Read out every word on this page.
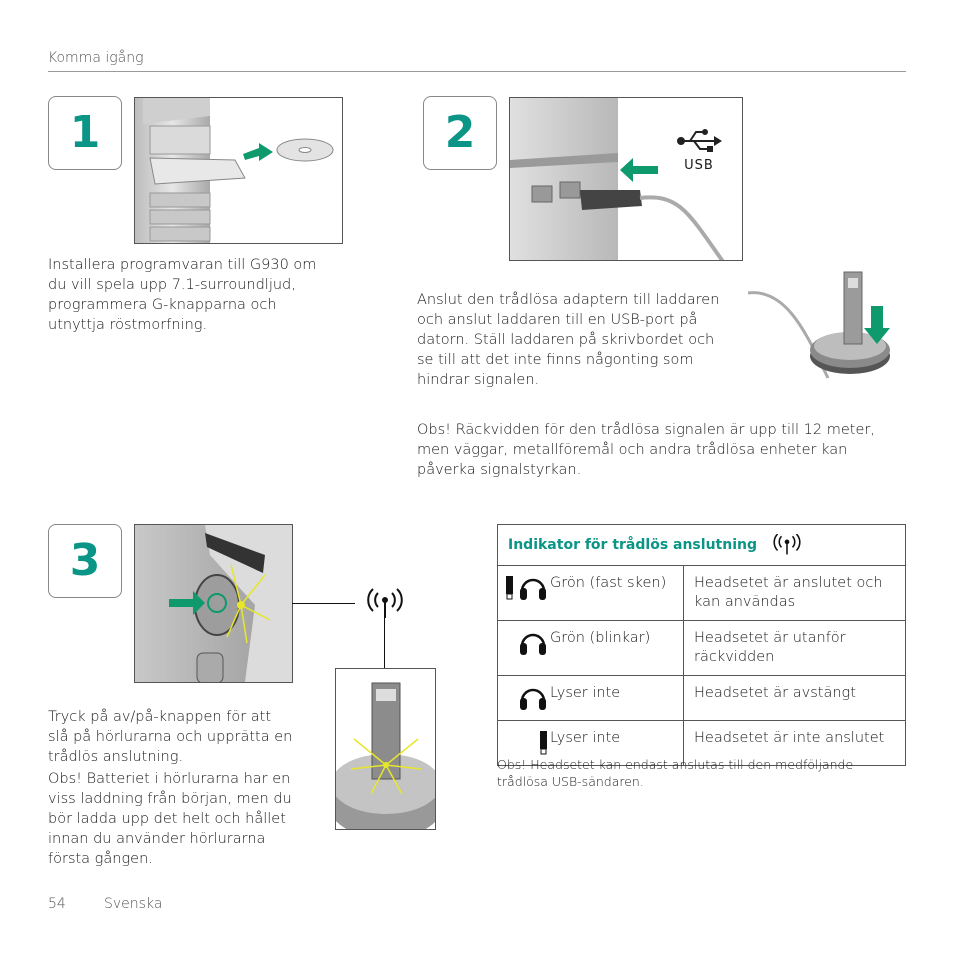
Komma igång
1
Installera programvaran till G930 om du vill spela upp 7.1-surroundljud, programmera G-knapparna och utnyttja röstmorfning.
2
USB
Anslut den trådlösa adaptern till laddaren och anslut laddaren till en USB-port på datorn. Ställ laddaren på skrivbordet och se till att det inte finns någonting som hindrar signalen.
Obs! Räckvidden för den trådlösa signalen är upp till 12 meter, men väggar, metallföremål och andra trådlösa enheter kan påverka signalstyrkan.
3
Tryck på av/på-knappen för att slå på hörlurarna och upprätta en trådlös anslutning.
Obs! Batteriet i hörlurarna har en viss laddning från början, men du bör ladda upp det helt och hållet innan du använder hörlurarna första gången.
Indikator för trådlös anslutning	

Grön (fast sken)	Headsetet är anslutet och kan användas

Grön (blinkar)	Headsetet är utanför räckvidden

Lyser inte	Headsetet är avstängt

Lyser inte	Headsetet är inte anslutet
Obs! Headsetet kan endast anslutas till den medföljande trådlösa USB-sändaren.
54	Svenska
